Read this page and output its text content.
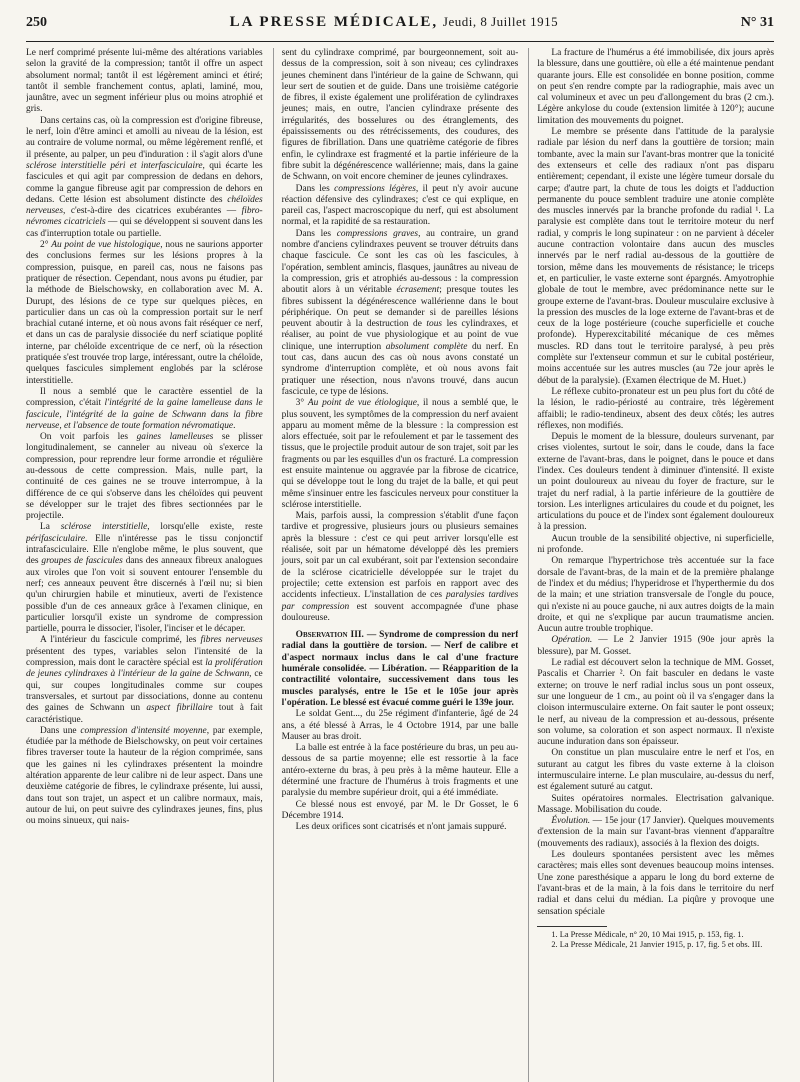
250	LA PRESSE MÉDICALE, Jeudi, 8 Juillet 1915	N° 31

Le nerf comprimé présente lui-même des altérations variables selon la gravité de la compression; tantôt il offre un aspect absolument normal; tantôt il est légèrement aminci et étiré; tantôt il semble franchement contus, aplati, laminé, mou, jaunâtre, avec un segment inférieur plus ou moins atrophié et gris.

Dans certains cas, où la compression est d'origine fibreuse, le nerf, loin d'être aminci et amolli au niveau de la lésion, est au contraire de volume normal, ou même légèrement renflé, et il présente, au palper, un peu d'induration : il s'agit alors d'une sclérose interstitielle péri et interfasciculaire, qui écarte les fascicules et qui agit par compression de dedans en dehors, comme la gangue fibreuse agit par compression de dehors en dedans. Cette lésion est absolument distincte des chéloïdes nerveuses, c'est-à-dire des cicatrices exubérantes — fibro-névromes cicatriciels — qui se développent si souvent dans les cas d'interruption totale ou partielle.

2° Au point de vue histologique, nous ne saurions apporter des conclusions fermes sur les lésions propres à la compression, puisque, en pareil cas, nous ne faisons pas pratiquer de résection. Cependant, nous avons pu étudier, par la méthode de Bielschowsky, en collaboration avec M. A. Durupt, des lésions de ce type sur quelques pièces, en particulier dans un cas où la compression portait sur le nerf brachial cutané interne, et où nous avons fait réséquer ce nerf, et dans un cas de paralysie dissociée du nerf sciatique poplité interne, par chéloïde excentrique de ce nerf, où la résection pratiquée s'est trouvée trop large, intéressant, outre la chéloïde, quelques fascicules simplement englobés par la sclérose interstitielle.

Il nous a semblé que le caractère essentiel de la compression, c'était l'intégrité de la gaine lamelleuse dans le fascicule, l'intégrité de la gaine de Schwann dans la fibre nerveuse, et l'absence de toute formation névromatique.

On voit parfois les gaines lamelleuses se plisser longitudinalement, se canneler au niveau où s'exerce la compression, pour reprendre leur forme arrondie et régulière au-dessous de cette compression. Mais, nulle part, la continuité de ces gaines ne se trouve interrompue, à la différence de ce qui s'observe dans les chéloïdes qui peuvent se développer sur le trajet des fibres sectionnées par le projectile.

La sclérose interstitielle, lorsqu'elle existe, reste périfasciculaire. Elle n'intéresse pas le tissu conjonctif intrafasciculaire. Elle n'englobe même, le plus souvent, que des groupes de fascicules dans des anneaux fibreux analogues aux viroles que l'on voit si souvent entourer l'ensemble du nerf; ces anneaux peuvent être discernés à l'œil nu; si bien qu'un chirurgien habile et minutieux, averti de l'existence possible d'un de ces anneaux grâce à l'examen clinique, en particulier lorsqu'il existe un syndrome de compression partielle, pourra le dissocier, l'isoler, l'inciser et le décaper.

A l'intérieur du fascicule comprimé, les fibres nerveuses présentent des types, variables selon l'intensité de la compression, mais dont le caractère spécial est la prolifération de jeunes cylindraxes à l'intérieur de la gaine de Schwann, ce qui, sur coupes longitudinales comme sur coupes transversales, et surtout par dissociations, donne au contenu des gaines de Schwann un aspect fibrillaire tout à fait caractéristique.

Dans une compression d'intensité moyenne, par exemple, étudiée par la méthode de Bielschowsky, on peut voir certaines fibres traverser toute la hauteur de la région comprimée, sans que les gaines ni les cylindraxes présentent la moindre altération apparente de leur calibre ni de leur aspect. Dans une deuxième catégorie de fibres, le cylindraxe présente, lui aussi, dans tout son trajet, un aspect et un calibre normaux, mais, autour de lui, on peut suivre des cylindraxes jeunes, fins, plus ou moins sinueux, qui nais-

sent du cylindraxe comprimé, par bourgeonnement, soit au-dessus de la compression, soit à son niveau; ces cylindraxes jeunes cheminent dans l'intérieur de la gaine de Schwann, qui leur sert de soutien et de guide. Dans une troisième catégorie de fibres, il existe également une prolifération de cylindraxes jeunes; mais, en outre, l'ancien cylindraxe présente des irrégularités, des bosselures ou des étranglements, des épaississements ou des rétrécissements, des coudures, des figures de fibrillation. Dans une quatrième catégorie de fibres enfin, le cylindraxe est fragmenté et la partie inférieure de la fibre subit la dégénérescence wallérienne; mais, dans la gaine de Schwann, on voit encore cheminer de jeunes cylindraxes.

Dans les compressions légères, il peut n'y avoir aucune réaction défensive des cylindraxes; c'est ce qui explique, en pareil cas, l'aspect macroscopique du nerf, qui est absolument normal, et la rapidité de sa restauration.

Dans les compressions graves, au contraire, un grand nombre d'anciens cylindraxes peuvent se trouver détruits dans chaque fascicule. Ce sont les cas où les fascicules, à l'opération, semblent amincis, flasques, jaunâtres au niveau de la compression, gris et atrophiés au-dessous : la compression aboutit alors à un véritable écrasement; presque toutes les fibres subissent la dégénérescence wallérienne dans le bout périphérique. On peut se demander si de pareilles lésions peuvent aboutir à la destruction de tous les cylindraxes, et réaliser, au point de vue physiologique et au point de vue clinique, une interruption absolument complète du nerf. En tout cas, dans aucun des cas où nous avons constaté un syndrome d'interruption complète, et où nous avons fait pratiquer une résection, nous n'avons trouvé, dans aucun fascicule, ce type de lésions.

3° Au point de vue étiologique, il nous a semblé que, le plus souvent, les symptômes de la compression du nerf avaient apparu au moment même de la blessure : la compression est alors effectuée, soit par le refoulement et par le tassement des tissus, que le projectile produit autour de son trajet, soit par les fragments ou par les esquilles d'un os fracturé. La compression est ensuite maintenue ou aggravée par la fibrose de cicatrice, qui se développe tout le long du trajet de la balle, et qui peut même s'insinuer entre les fascicules nerveux pour constituer la sclérose interstitielle.

Mais, parfois aussi, la compression s'établit d'une façon tardive et progressive, plusieurs jours ou plusieurs semaines après la blessure : c'est ce qui peut arriver lorsqu'elle est réalisée, soit par un hématome développé dès les premiers jours, soit par un cal exubérant, soit par l'extension secondaire de la sclérose cicatricielle développée sur le trajet du projectile; cette extension est parfois en rapport avec des accidents infectieux. L'installation de ces paralysies tardives par compression est souvent accompagnée d'une phase douloureuse.

Observation III. — Syndrome de compression du nerf radial dans la gouttière de torsion. — Nerf de calibre et d'aspect normaux inclus dans le cal d'une fracture humérale consolidée. — Libération. — Réapparition de la contractilité volontaire, successivement dans tous les muscles paralysés, entre le 15e et le 105e jour après l'opération. Le blessé est évacué comme guéri le 139e jour.

Le soldat Gent..., du 25e régiment d'infanterie, âgé de 24 ans, a été blessé à Arras, le 4 Octobre 1914, par une balle Mauser au bras droit.

La balle est entrée à la face postérieure du bras, un peu au-dessous de sa partie moyenne; elle est ressortie à la face antéro-externe du bras, à peu près à la même hauteur. Elle a déterminé une fracture de l'humérus à trois fragments et une paralysie du membre supérieur droit, qui a été immédiate.

Ce blessé nous est envoyé, par M. le Dr Gosset, le 6 Décembre 1914.

Les deux orifices sont cicatrisés et n'ont jamais suppuré.

La fracture de l'humérus a été immobilisée, dix jours après la blessure, dans une gouttière, où elle a été maintenue pendant quarante jours. Elle est consolidée en bonne position, comme on peut s'en rendre compte par la radiographie, mais avec un cal volumineux et avec un peu d'allongement du bras (2 cm.). Légère ankylose du coude (extension limitée à 120°); aucune limitation des mouvements du poignet.

Le membre se présente dans l'attitude de la paralysie radiale par lésion du nerf dans la gouttière de torsion; main tombante, avec la main sur l'avant-bras montrer que la tonicité des extenseurs et celle des radiaux n'ont pas disparu entièrement; cependant, il existe une légère tumeur dorsale du carpe; d'autre part, la chute de tous les doigts et l'adduction permanente du pouce semblent traduire une atonie complète des muscles innervés par la branche profonde du radial ¹. La paralysie est complète dans tout le territoire moteur du nerf radial, y compris le long supinateur : on ne parvient à déceler aucune contraction volontaire dans aucun des muscles innervés par le nerf radial au-dessous de la gouttière de torsion, même dans les mouvements de résistance; le triceps et, en particulier, le vaste externe sont épargnés. Amyotrophie globale de tout le membre, avec prédominance nette sur le groupe externe de l'avant-bras. Douleur musculaire exclusive à la pression des muscles de la loge externe de l'avant-bras et de ceux de la loge postérieure (couche superficielle et couche profonde). Hyperexcitabilité mécanique de ces mêmes muscles. RD dans tout le territoire paralysé, à peu près complète sur l'extenseur commun et sur le cubital postérieur, moins accentuée sur les autres muscles (au 72e jour après le début de la paralysie). (Examen électrique de M. Huet.)

Le réflexe cubito-pronateur est un peu plus fort du côté de la lésion, le radio-périosté au contraire, très légèrement affaibli; le radio-tendineux, absent des deux côtés; les autres réflexes, non modifiés.

Depuis le moment de la blessure, douleurs survenant, par crises violentes, surtout le soir, dans le coude, dans la face externe de l'avant-bras, dans le poignet, dans le pouce et dans l'index. Ces douleurs tendent à diminuer d'intensité. Il existe un point douloureux au niveau du foyer de fracture, sur le trajet du nerf radial, à la partie inférieure de la gouttière de torsion. Les interlignes articulaires du coude et du poignet, les articulations du pouce et de l'index sont également douloureux à la pression.

Aucun trouble de la sensibilité objective, ni superficielle, ni profonde.

On remarque l'hypertrichose très accentuée sur la face dorsale de l'avant-bras, de la main et de la première phalange de l'index et du médius; l'hyperidrose et l'hyperthermie du dos de la main; et une striation transversale de l'ongle du pouce, qui n'existe ni au pouce gauche, ni aux autres doigts de la main droite, et qui ne s'explique par aucun traumatisme ancien. Aucun autre trouble trophique.

Opération. — Le 2 Janvier 1915 (90e jour après la blessure), par M. Gosset.

Le radial est découvert selon la technique de MM. Gosset, Pascalis et Charrier ². On fait basculer en dedans le vaste externe; on trouve le nerf radial inclus sous un pont osseux, sur une longueur de 1 cm., au point où il va s'engager dans la cloison intermusculaire externe. On fait sauter le pont osseux; le nerf, au niveau de la compression et au-dessous, présente son volume, sa coloration et son aspect normaux. Il n'existe aucune induration dans son épaisseur.

On constitue un plan musculaire entre le nerf et l'os, en suturant au catgut les fibres du vaste externe à la cloison intermusculaire interne. Le plan musculaire, au-dessus du nerf, est également suturé au catgut.

Suites opératoires normales. Electrisation galvanique. Massage. Mobilisation du coude.

Évolution. — 15e jour (17 Janvier). Quelques mouvements d'extension de la main sur l'avant-bras viennent d'apparaître (mouvements des radiaux), associés à la flexion des doigts.

Les douleurs spontanées persistent avec les mêmes caractères; mais elles sont devenues beaucoup moins intenses. Une zone paresthésique a apparu le long du bord externe de l'avant-bras et de la main, à la fois dans le territoire du nerf radial et dans celui du médian. La piqûre y provoque une sensation spéciale

1. La Presse Médicale, n° 20, 10 Mai 1915, p. 153, fig. 1.

2. La Presse Médicale, 21 Janvier 1915, p. 17, fig. 5 et obs. III.
